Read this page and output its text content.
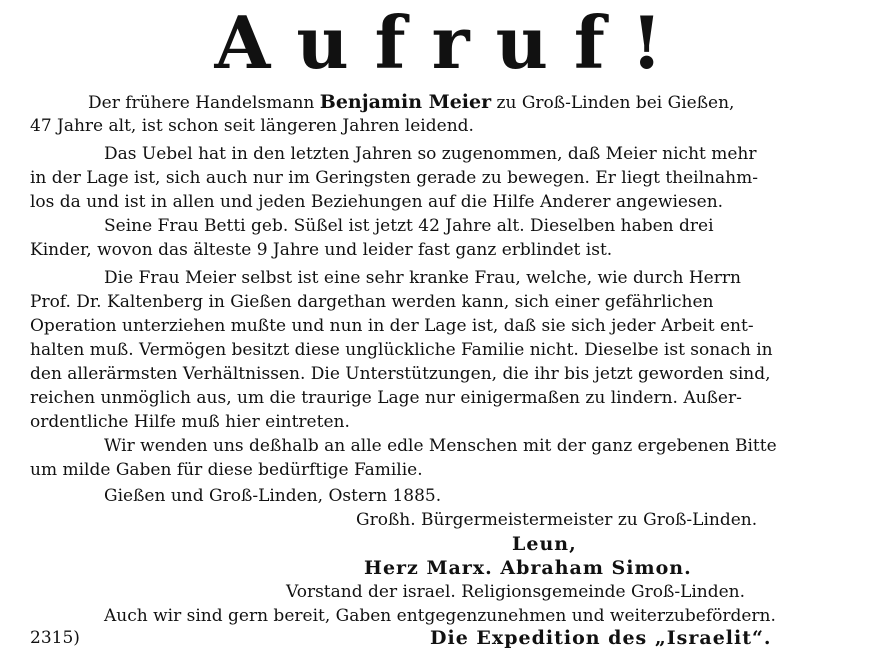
Aufruf!
Der frühere Handelsmann Benjamin Meier zu Groß-Linden bei Gießen,
47 Jahre alt, ist schon seit längeren Jahren leidend.
Das Uebel hat in den letzten Jahren so zugenommen, daß Meier nicht mehr
in der Lage ist, sich auch nur im Geringsten gerade zu bewegen. Er liegt theilnahm-
los da und ist in allen und jeden Beziehungen auf die Hilfe Anderer angewiesen.
Seine Frau Betti geb. Süßel ist jetzt 42 Jahre alt. Dieselben haben drei
Kinder, wovon das älteste 9 Jahre und leider fast ganz erblindet ist.
Die Frau Meier selbst ist eine sehr kranke Frau, welche, wie durch Herrn
Prof. Dr. Kaltenberg in Gießen dargethan werden kann, sich einer gefährlichen
Operation unterziehen mußte und nun in der Lage ist, daß sie sich jeder Arbeit ent-
halten muß. Vermögen besitzt diese unglückliche Familie nicht. Dieselbe ist sonach in
den allerärmsten Verhältnissen. Die Unterstützungen, die ihr bis jetzt geworden sind,
reichen unmöglich aus, um die traurige Lage nur einigermaßen zu lindern. Außer-
ordentliche Hilfe muß hier eintreten.
Wir wenden uns deßhalb an alle edle Menschen mit der ganz ergebenen Bitte
um milde Gaben für diese bedürftige Familie.
Gießen und Groß-Linden, Ostern 1885.
Großh. Bürgermeistermeister zu Groß-Linden.
Leun,
Herz Marx. Abraham Simon.
Vorstand der israel. Religionsgemeinde Groß-Linden.
Auch wir sind gern bereit, Gaben entgegenzunehmen und weiterzubefördern.
2315)	Die Expedition des „Israelit“.
